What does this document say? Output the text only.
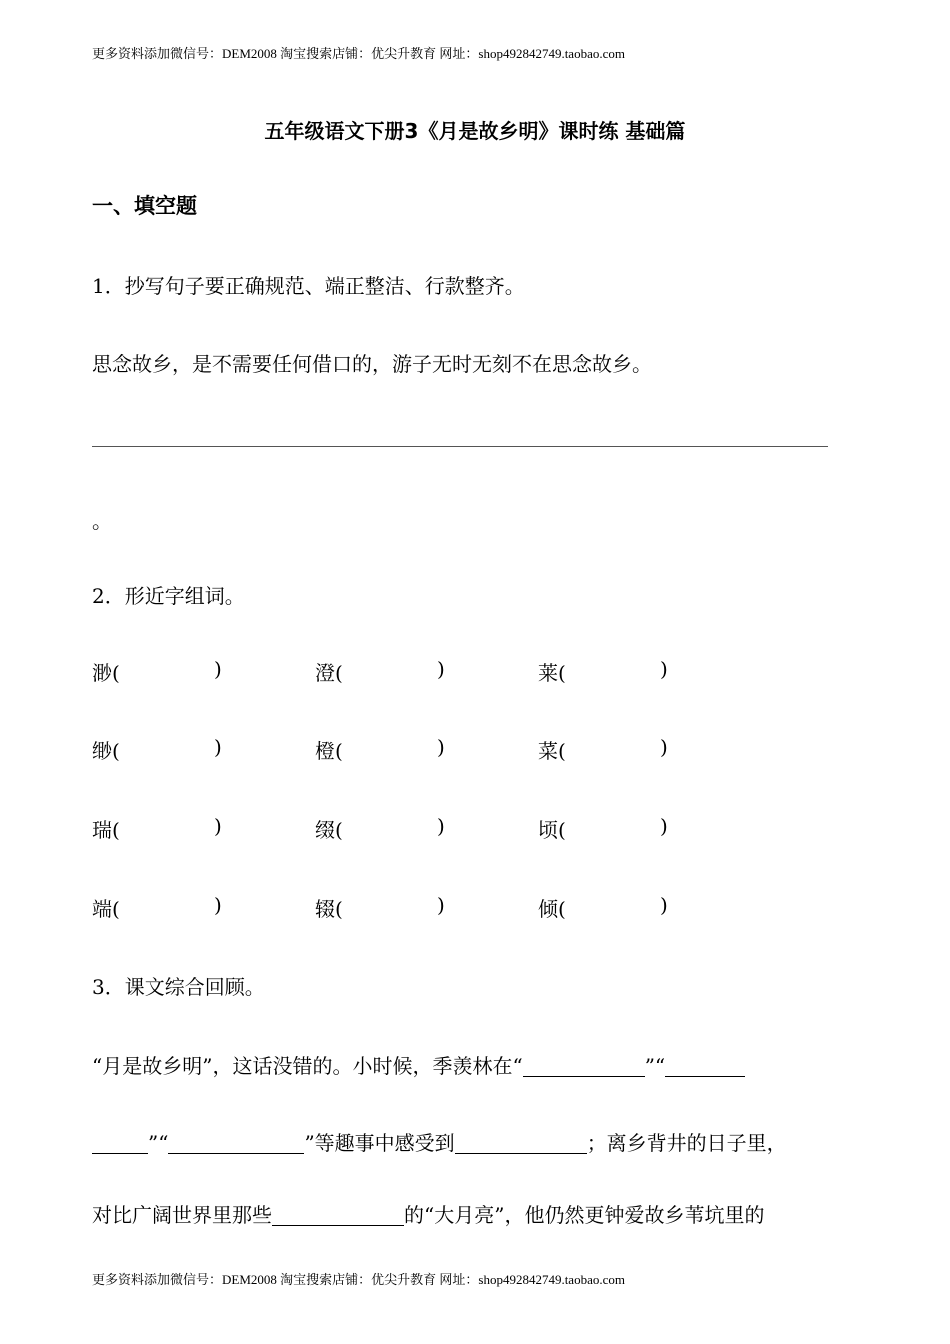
更多资料添加微信号：DEM2008 淘宝搜索店铺：优尖升教育 网址：shop492842749.taobao.com
五年级语文下册3《月是故乡明》课时练 基础篇
一、填空题
1．抄写句子要正确规范、端正整洁、行款整齐。
思念故乡，是不需要任何借口的，游子无时无刻不在思念故乡。
。
2．形近字组词。
渺(	)	澄(	)	莱(	)
缈(	)	橙(	)	菜(	)
瑞(	)	缀(	)	顷(	)
端(	)	辍(	)	倾(	)
3．课文综合回顾。
“月是故乡明”，这话没错的。小时候，季羡林在“	”“
”“	”等趣事中感受到	；离乡背井的日子里，
对比广阔世界里那些	的“大月亮”，他仍然更钟爱故乡苇坑里的
更多资料添加微信号：DEM2008 淘宝搜索店铺：优尖升教育 网址：shop492842749.taobao.com
